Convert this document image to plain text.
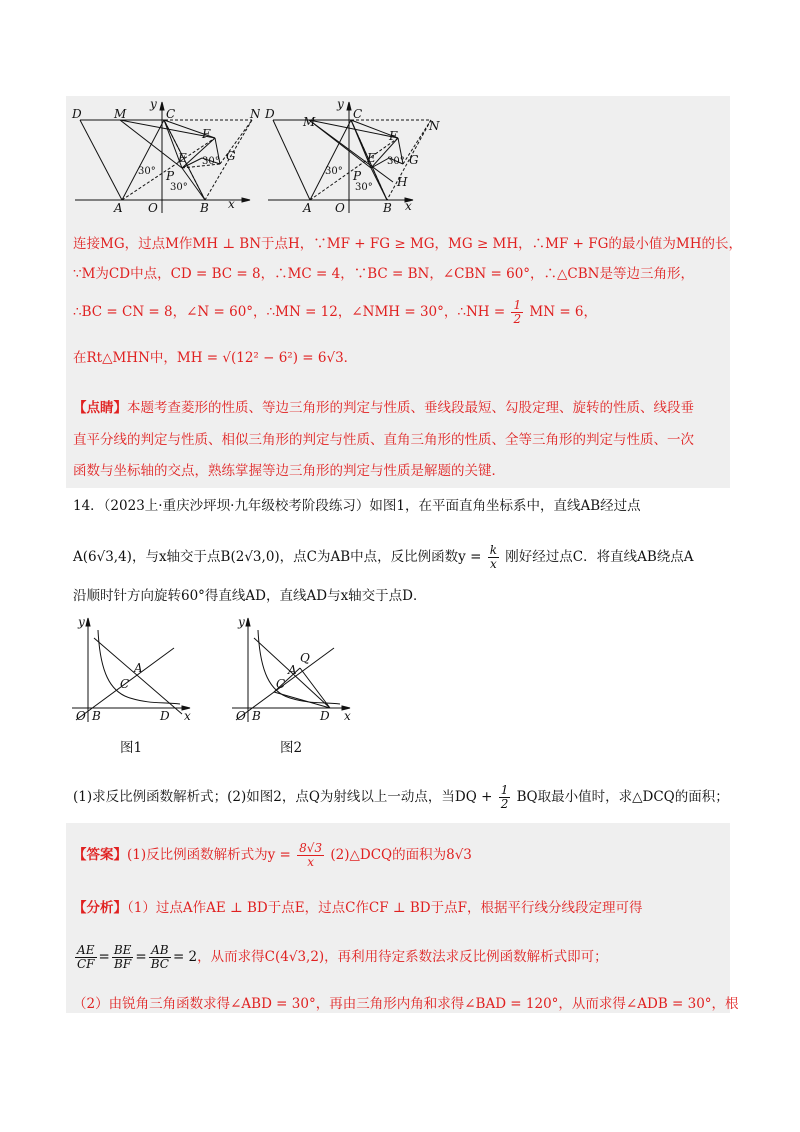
D	M
y
C	N
F
G
E
30°
30°
P
30°
A O	B x
D
M
y
C
N
F
G
E
30°
30°
P	H
30°
A O	B x
连接MG，过点M作MH ⊥ BN于点H，∵MF + FG ≥ MG，MG ≥ MH，∴MF + FG的最小值为MH的长，
∵M为CD中点，CD = BC = 8，∴MC = 4，∵BC = BN，∠CBN = 60°，∴△CBN是等边三角形，
∴BC = CN = 8，∠N = 60°，∴MN = 12，∠NMH = 30°，∴NH = $\frac{1}{2}$ MN = 6，
在Rt△MHN中，MH = √(12² − 6²) = 6√3．
【点睛】本题考查菱形的性质、等边三角形的判定与性质、垂线段最短、勾股定理、旋转的性质、线段垂
直平分线的判定与性质、相似三角形的判定与性质、直角三角形的性质、全等三角形的判定与性质、一次
函数与坐标轴的交点，熟练掌握等边三角形的判定与性质是解题的关键．
14．（2023上·重庆沙坪坝·九年级校考阶段练习）如图1，在平面直角坐标系中，直线AB经过点
A(6√3,4)，与x轴交于点B(2√3,0)，点C为AB中点，反比例函数$y = \frac{k}{x}$ 刚好经过点C．将直线AB绕点A
沿顺时针方向旋转60°得直线AD，直线AD与x轴交于点D．
y
A
C
O B	D x
图1
y
Q
A
C
O B	D x
图2
(1)求反比例函数解析式；(2)如图2，点Q为射线以上一动点，当DQ + $\frac{1}{2}$ BQ取最小值时，求△DCQ的面积；
【答案】(1)反比例函数解析式为$y = \frac{8√3}{x}$ (2)△DCQ的面积为8√3
【分析】（1）过点A作AE ⊥ BD于点E，过点C作CF ⊥ BD于点F，根据平行线分线段定理可得
$\frac{AE}{CF} = \frac{BE}{BF} = \frac{AB}{BC} = 2$，从而求得C(4√3,2)，再利用待定系数法求反比例函数解析式即可；
（2）由锐角三角函数求得∠ABD = 30°，再由三角形内角和求得∠BAD = 120°，从而求得∠ADB = 30°，根
